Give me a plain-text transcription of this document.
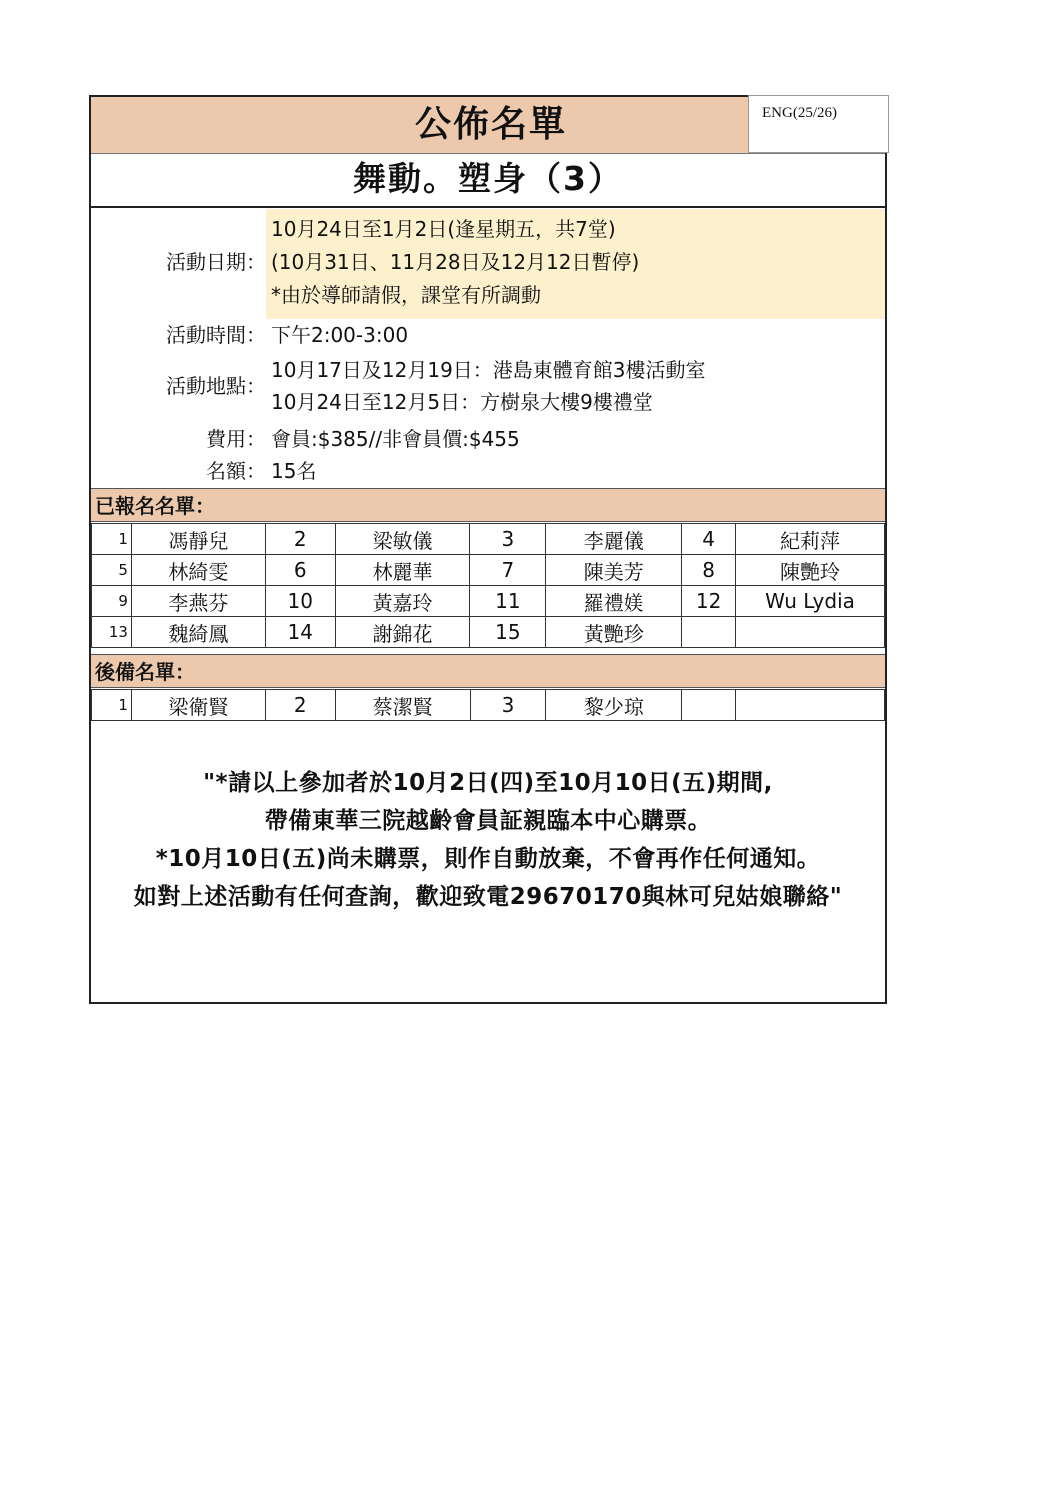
公佈名單	ENG(25/26)
舞動。塑身（3）
活動日期：
10月24日至1月2日(逢星期五，共7堂)
(10月31日、11月28日及12月12日暫停)
*由於導師請假，課堂有所調動
活動時間： 下午2:00-3:00
活動地點：
10月17日及12月19日：港島東體育館3樓活動室
10月24日至12月5日：方樹泉大樓9樓禮堂
費用： 會員:$385//非會員價:$455
名額： 15名
已報名名單：
1	馮靜兒	2	梁敏儀	3	李麗儀	4	紀莉萍
5	林綺雯	6	林麗華	7	陳美芳	8	陳艷玲
9	李燕芬	10	黃嘉玲	11	羅禮媄	12	Wu Lydia
13	魏綺鳳	14	謝錦花	15	黃艷珍		
後備名單：
1	梁衛賢	2	蔡潔賢	3	黎少琼		
"*請以上參加者於10月2日(四)至10月10日(五)期間,
帶備東華三院越齡會員証親臨本中心購票。
*10月10日(五)尚未購票，則作自動放棄，不會再作任何通知。
如對上述活動有任何查詢，歡迎致電29670170與林可兒姑娘聯絡"
